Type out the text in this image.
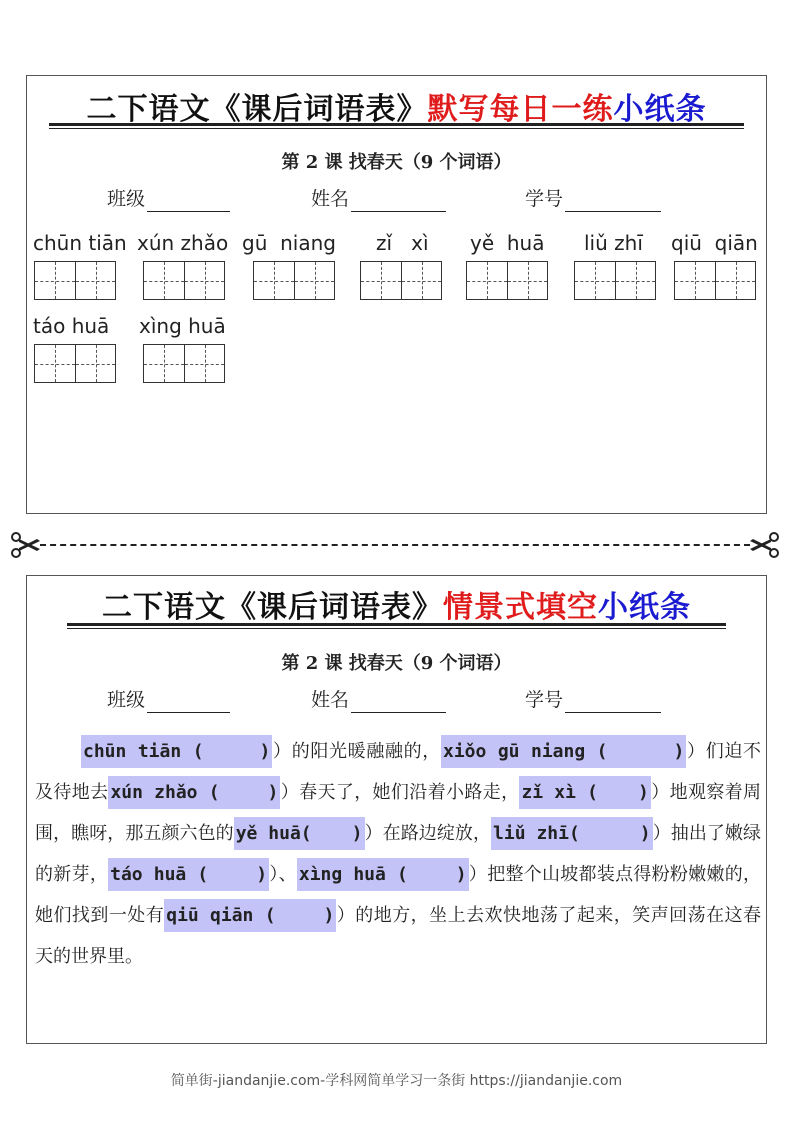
二下语文《课后词语表》默写每日一练小纸条
第 2 课 找春天（9 个词语）
班级	姓名	学号
chūn tiān xún zhǎo gū  niang zǐ   xì yě  huā liǔ zhī qiū  qiān
táo huā xìng huā
二下语文《课后词语表》情景式填空小纸条
第 2 课 找春天（9 个词语）
班级	姓名	学号
chūn tiān (	) ）的阳光暖融融的， xiǒo gū niang (	) ）们迫不及待地去 xún zhǎo (	) ）春天了，她们沿着小路走， zǐ xì ( ) ）地观察着周围，瞧呀，那五颜六色的 yě huā( ) ）在路边绽放， liǔ zhī(	) ）抽出了嫩绿的新芽， táo huā (	) ）、 xìng huā (	) ）把整个山坡都装点得粉粉嫩嫩的，她们找到一处有 qiū qiān (	) ）的地方，坐上去欢快地荡了起来，笑声回荡在这春天的世界里。
简单街-jiandanjie.com-学科网简单学习一条街 https://jiandanjie.com
